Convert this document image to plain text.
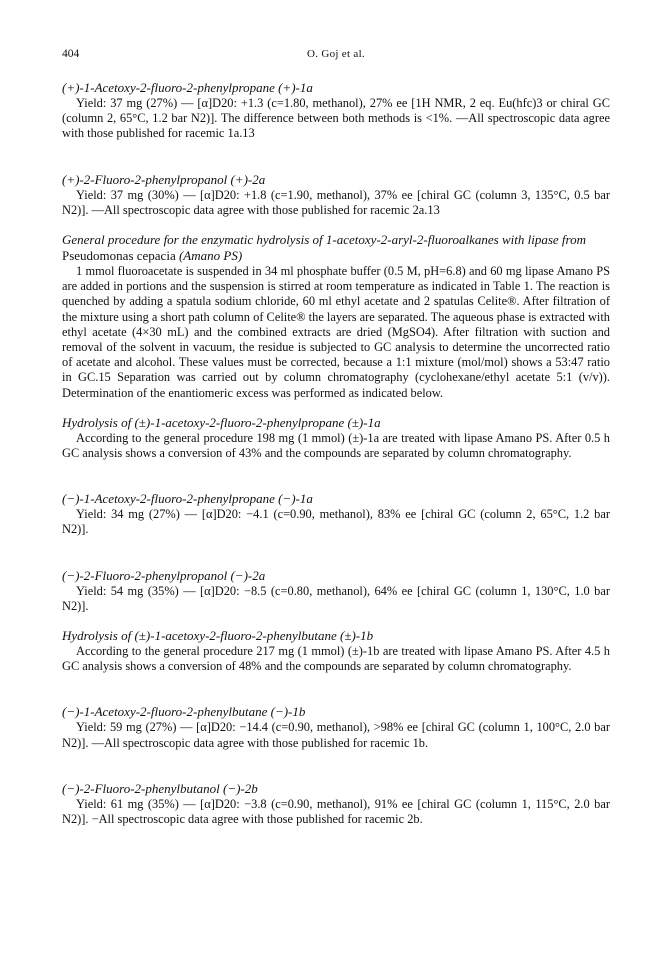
404	O. Goj et al.

(+)-1-Acetoxy-2-fluoro-2-phenylpropane (+)-1a

Yield: 37 mg (27%) — [α]D20: +1.3 (c=1.80, methanol), 27% ee [1H NMR, 2 eq. Eu(hfc)3 or chiral GC (column 2, 65°C, 1.2 bar N2)]. The difference between both methods is <1%. —All spectroscopic data agree with those published for racemic 1a.13

(+)-2-Fluoro-2-phenylpropanol (+)-2a

Yield: 37 mg (30%) — [α]D20: +1.8 (c=1.90, methanol), 37% ee [chiral GC (column 3, 135°C, 0.5 bar N2)]. —All spectroscopic data agree with those published for racemic 2a.13

General procedure for the enzymatic hydrolysis of 1-acetoxy-2-aryl-2-fluoroalkanes with lipase from
Pseudomonas cepacia (Amano PS)

1 mmol fluoroacetate is suspended in 34 ml phosphate buffer (0.5 M, pH=6.8) and 60 mg lipase Amano PS are added in portions and the suspension is stirred at room temperature as indicated in Table 1. The reaction is quenched by adding a spatula sodium chloride, 60 ml ethyl acetate and 2 spatulas Celite®. After filtration of the mixture using a short path column of Celite® the layers are separated. The aqueous phase is extracted with ethyl acetate (4×30 mL) and the combined extracts are dried (MgSO4). After filtration with suction and removal of the solvent in vacuum, the residue is subjected to GC analysis to determine the uncorrected ratio of acetate and alcohol. These values must be corrected, because a 1:1 mixture (mol/mol) shows a 53:47 ratio in GC.15 Separation was carried out by column chromatography (cyclohexane/ethyl acetate 5:1 (v/v)). Determination of the enantiomeric excess was performed as indicated below.

Hydrolysis of (±)-1-acetoxy-2-fluoro-2-phenylpropane (±)-1a

According to the general procedure 198 mg (1 mmol) (±)-1a are treated with lipase Amano PS. After 0.5 h GC analysis shows a conversion of 43% and the compounds are separated by column chromatography.

(−)-1-Acetoxy-2-fluoro-2-phenylpropane (−)-1a

Yield: 34 mg (27%) — [α]D20: −4.1 (c=0.90, methanol), 83% ee [chiral GC (column 2, 65°C, 1.2 bar N2)].

(−)-2-Fluoro-2-phenylpropanol (−)-2a

Yield: 54 mg (35%) — [α]D20: −8.5 (c=0.80, methanol), 64% ee [chiral GC (column 1, 130°C, 1.0 bar N2)].

Hydrolysis of (±)-1-acetoxy-2-fluoro-2-phenylbutane (±)-1b

According to the general procedure 217 mg (1 mmol) (±)-1b are treated with lipase Amano PS. After 4.5 h GC analysis shows a conversion of 48% and the compounds are separated by column chromatography.

(−)-1-Acetoxy-2-fluoro-2-phenylbutane (−)-1b

Yield: 59 mg (27%) — [α]D20: −14.4 (c=0.90, methanol), >98% ee [chiral GC (column 1, 100°C, 2.0 bar N2)]. —All spectroscopic data agree with those published for racemic 1b.

(−)-2-Fluoro-2-phenylbutanol (−)-2b

Yield: 61 mg (35%) — [α]D20: −3.8 (c=0.90, methanol), 91% ee [chiral GC (column 1, 115°C, 2.0 bar N2)]. −All spectroscopic data agree with those published for racemic 2b.
